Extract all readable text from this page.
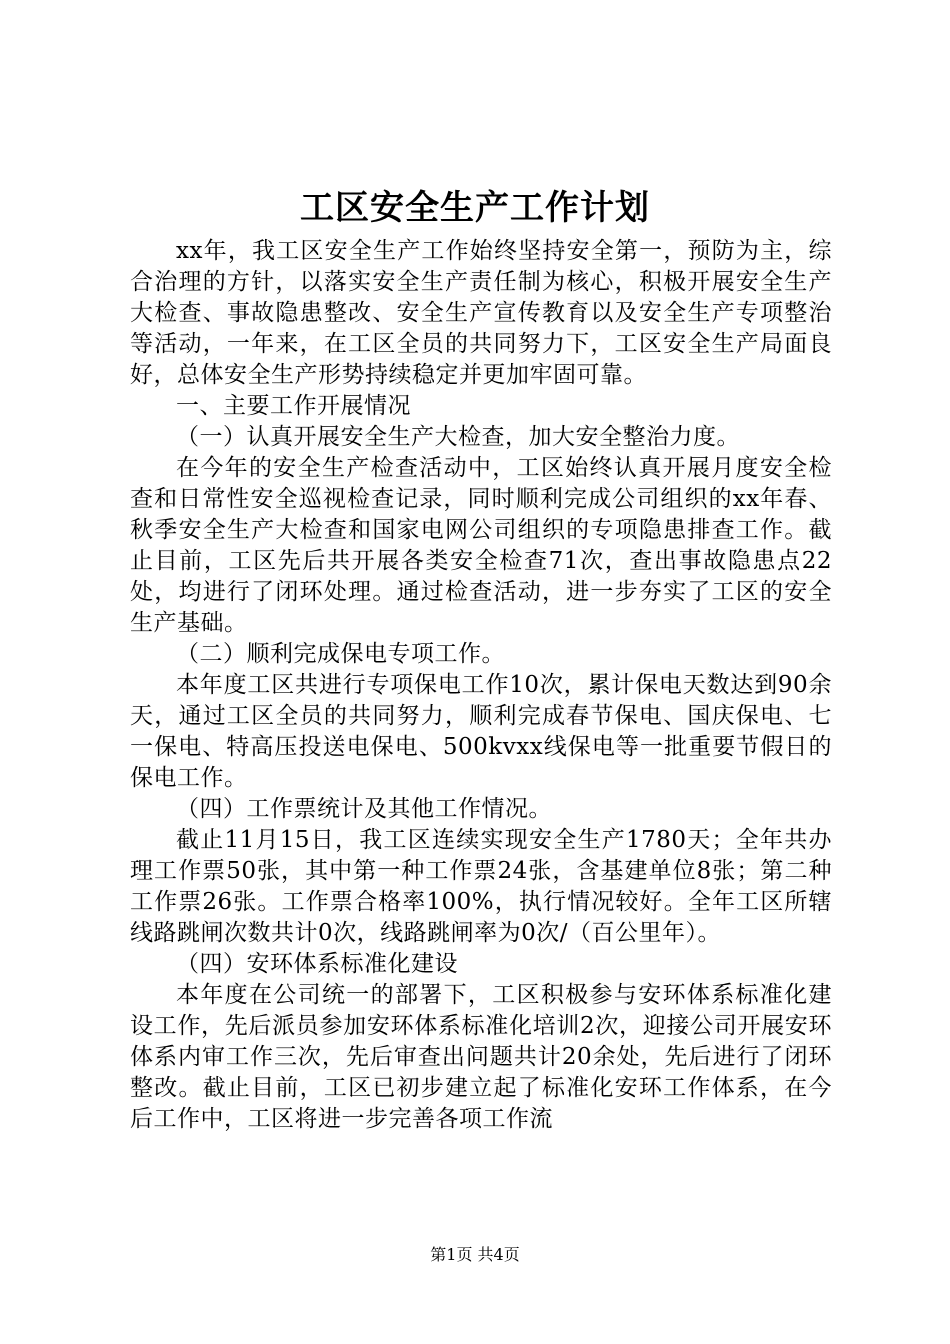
工区安全生产工作计划

xx年，我工区安全生产工作始终坚持安全第一，预防为主，综合治理的方针，以落实安全生产责任制为核心，积极开展安全生产大检查、事故隐患整改、安全生产宣传教育以及安全生产专项整治等活动，一年来，在工区全员的共同努力下，工区安全生产局面良好，总体安全生产形势持续稳定并更加牢固可靠。

一、主要工作开展情况

（一）认真开展安全生产大检查，加大安全整治力度。

在今年的安全生产检查活动中，工区始终认真开展月度安全检查和日常性安全巡视检查记录，同时顺利完成公司组织的xx年春、秋季安全生产大检查和国家电网公司组织的专项隐患排查工作。截止目前，工区先后共开展各类安全检查71次，查出事故隐患点22处，均进行了闭环处理。通过检查活动，进一步夯实了工区的安全生产基础。

（二）顺利完成保电专项工作。

本年度工区共进行专项保电工作10次，累计保电天数达到90余天，通过工区全员的共同努力，顺利完成春节保电、国庆保电、七一保电、特高压投送电保电、500kvxx线保电等一批重要节假日的保电工作。

（四）工作票统计及其他工作情况。

截止11月15日，我工区连续实现安全生产1780天；全年共办理工作票50张，其中第一种工作票24张，含基建单位8张；第二种工作票26张。工作票合格率100%，执行情况较好。全年工区所辖线路跳闸次数共计0次，线路跳闸率为0次/（百公里年）。

（四）安环体系标准化建设

本年度在公司统一的部署下，工区积极参与安环体系标准化建设工作，先后派员参加安环体系标准化培训2次，迎接公司开展安环体系内审工作三次，先后审查出问题共计20余处，先后进行了闭环整改。截止目前，工区已初步建立起了标准化安环工作体系，在今后工作中，工区将进一步完善各项工作流

第1页 共4页
